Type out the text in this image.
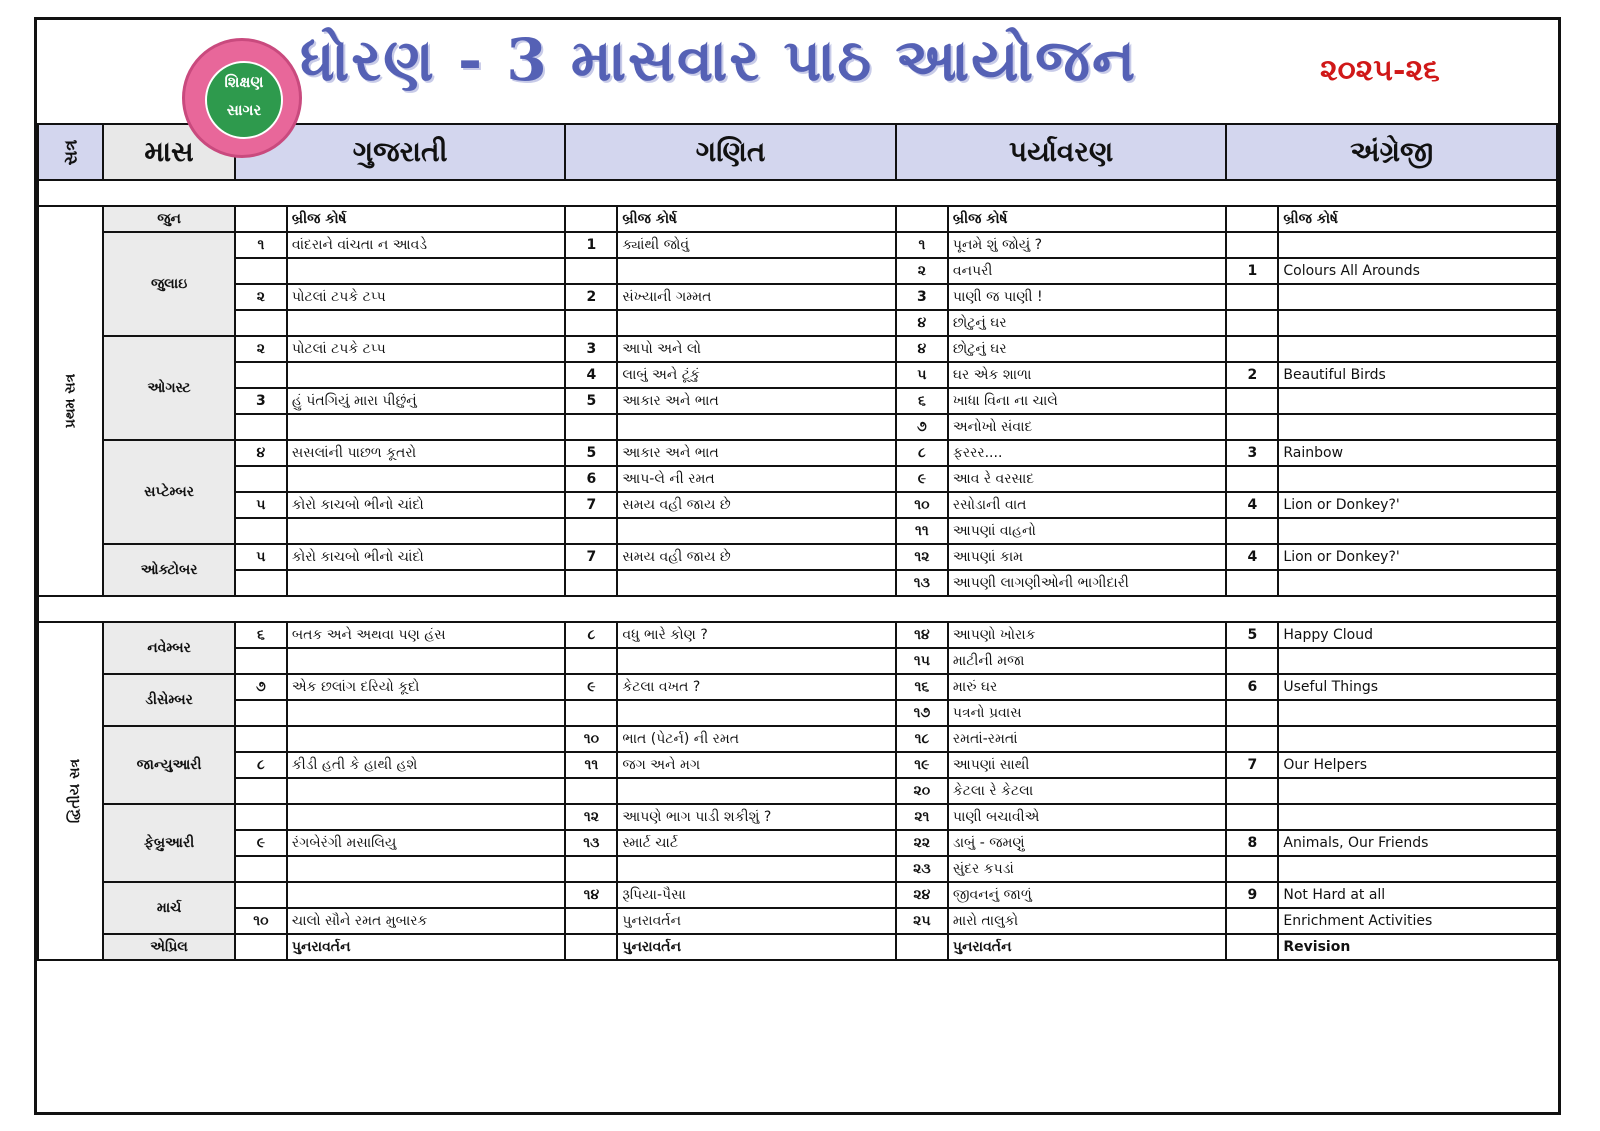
ધોરણ - 3 માસવાર પાઠ આયોજન	૨૦૨૫-૨૬
શિક્ષણ
સાગર
સત્ર	માસ	ગુજરાતી		ગણિત		પર્યાવરણ		અંગ્રેજી	

પ્રથમ સત્ર	જુન		બ્રીજ કોર્ષ		બ્રીજ કોર્ષ		બ્રીજ કોર્ષ		બ્રીજ કોર્ષ
	જુલાઇ	૧	વાંદરાને વાંચતા ન આવડે	1	ક્યાંથી જોવું	૧	પૂનમે શું જોયું ?		
						૨	વનપરી	1	Colours All Arounds
		૨	પોટલાં ટપકે ટપ્પ	2	સંખ્યાની ગમ્મત	3	પાણી જ પાણી !		
						૪	છોટુનું ઘર		
	ઓગસ્ટ	૨	પોટલાં ટપકે ટપ્પ	3	આપો અને લો	૪	છોટુનું ઘર		
				4	લાબું અને ટૂંકું	૫	ઘર એક શાળા	2	Beautiful Birds
		3	હું પંતગિયું મારા પીછુંનું	5	આકાર અને ભાત	૬	ખાધા વિના ના ચાલે		
						૭	અનોખો સંવાદ		
	સપ્ટેમ્બર	૪	સસલાંની પાછળ કૂતરો	5	આકાર અને ભાત	૮	ફરરર....	3	Rainbow
				6	આપ-લે ની રમત	૯	આવ રે વરસાદ		
		૫	કોરો કાચબો ભીનો ચાંદો	7	સમય વહી જાય છે	૧૦	રસોડાની વાત	4	Lion or Donkey?'
						૧૧	આપણાં વાહનો		
	ઓક્ટોબર	૫	કોરો કાચબો ભીનો ચાંદો	7	સમય વહી જાય છે	૧૨	આપણાં કામ	4	Lion or Donkey?'
						૧૩	આપણી લાગણીઓની ભાગીદારી		

દ્વિતીય સત્ર	નવેમ્બર	૬	બતક અને અથવા પણ હંસ	૮	વધુ ભારે કોણ ?	૧૪	આપણો ખોરાક	5	Happy Cloud
						૧૫	માટીની મજા		
	ડીસેમ્બર	૭	એક છલાંગ દરિયો કૂદો	૯	કેટલા વખત ?	૧૬	મારું ઘર	6	Useful Things
						૧૭	પત્રનો પ્રવાસ		
	જાન્યુઆરી			૧૦	ભાત (પેટર્ન) ની રમત	૧૮	રમતાં-રમતાં		
		૮	કીડી હતી કે હાથી હશે	૧૧	જગ અને મગ	૧૯	આપણાં સાથી	7	Our Helpers
						૨૦	કેટલા રે કેટલા		
	ફેબ્રુઆરી			૧૨	આપણે ભાગ પાડી શકીશું ?	૨૧	પાણી બચાવીએ		
		૯	રંગબેરંગી મસાલિયુ	૧૩	સ્માર્ટ ચાર્ટ	૨૨	ડાબું - જમણું	8	Animals, Our Friends
						૨૩	સુંદર કપડાં		
	માર્ચ			૧૪	રૂપિયા-પૈસા	૨૪	જીવનનું જાળું	9	Not Hard at all
		૧૦	ચાલો સૌને રમત મુબારક		પુનરાવર્તન	૨૫	મારો તાલુકો		Enrichment Activities
	એપ્રિલ		પુનરાવર્તન		પુનરાવર્તન		પુનરાવર્તન		Revision
